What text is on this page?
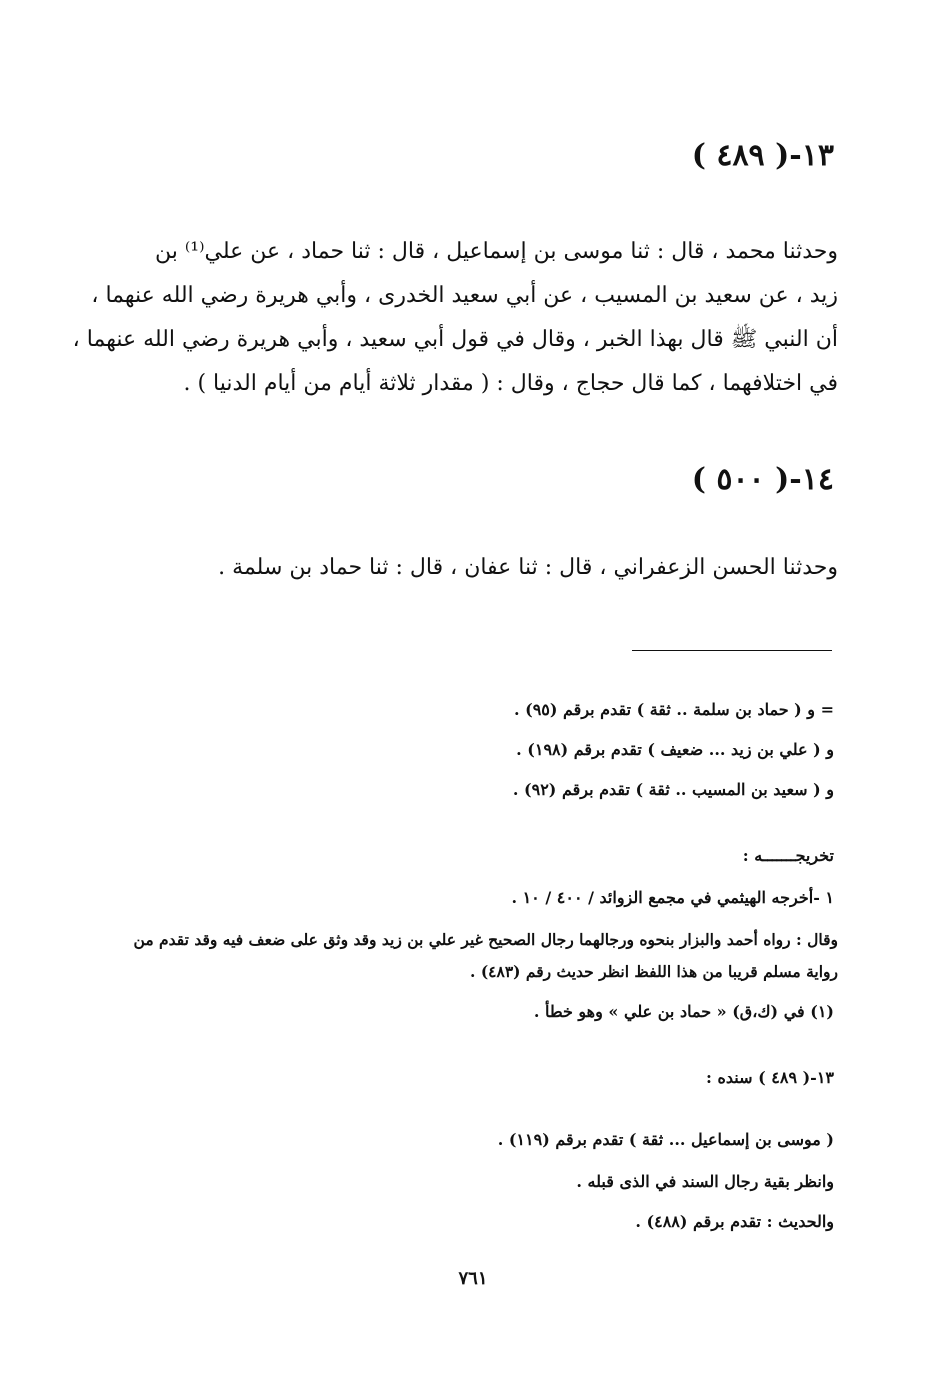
١٣-( ٤٨٩ )
وحدثنا محمد ، قال : ثنا موسى بن إسماعيل ، قال : ثنا حماد ، عن علي⁽¹⁾ بن
زيد ، عن سعيد بن المسيب ، عن أبي سعيد الخدرى ، وأبي هريرة رضي الله عنهما ،
أن النبي ﷺ قال بهذا الخبر ، وقال في قول أبي سعيد ، وأبي هريرة رضي الله عنهما ،
في اختلافهما ، كما قال حجاج ، وقال : ( مقدار ثلاثة أيام من أيام الدنيا ) .
١٤-( ٥٠٠ )
وحدثنا الحسن الزعفراني ، قال : ثنا عفان ، قال : ثنا حماد بن سلمة .
= و ( حماد بن سلمة .. ثقة ) تقدم برقم (٩٥) .
و ( علي بن زيد ... ضعيف ) تقدم برقم (١٩٨) .
و ( سعيد بن المسيب .. ثقة ) تقدم برقم (٩٢) .
تخريجـــــــه :
١ -أخرجه الهيثمي في مجمع الزوائد / ٤٠٠ / ١٠ .
وقال : رواه أحمد والبزار بنحوه ورجالهما رجال الصحيح غير علي بن زيد وقد وثق على ضعف فيه وقد تقدم من
رواية مسلم قريبا من هذا اللفظ انظر حديث رقم (٤٨٣) .
(١) في (ك،ق) « حماد بن علي » وهو خطأ .
١٣-( ٤٨٩ ) سنده :
( موسى بن إسماعيل ... ثقة ) تقدم برقم (١١٩) .
وانظر بقية رجال السند في الذى قبله .
والحديث : تقدم برقم (٤٨٨) .
٧٦١
